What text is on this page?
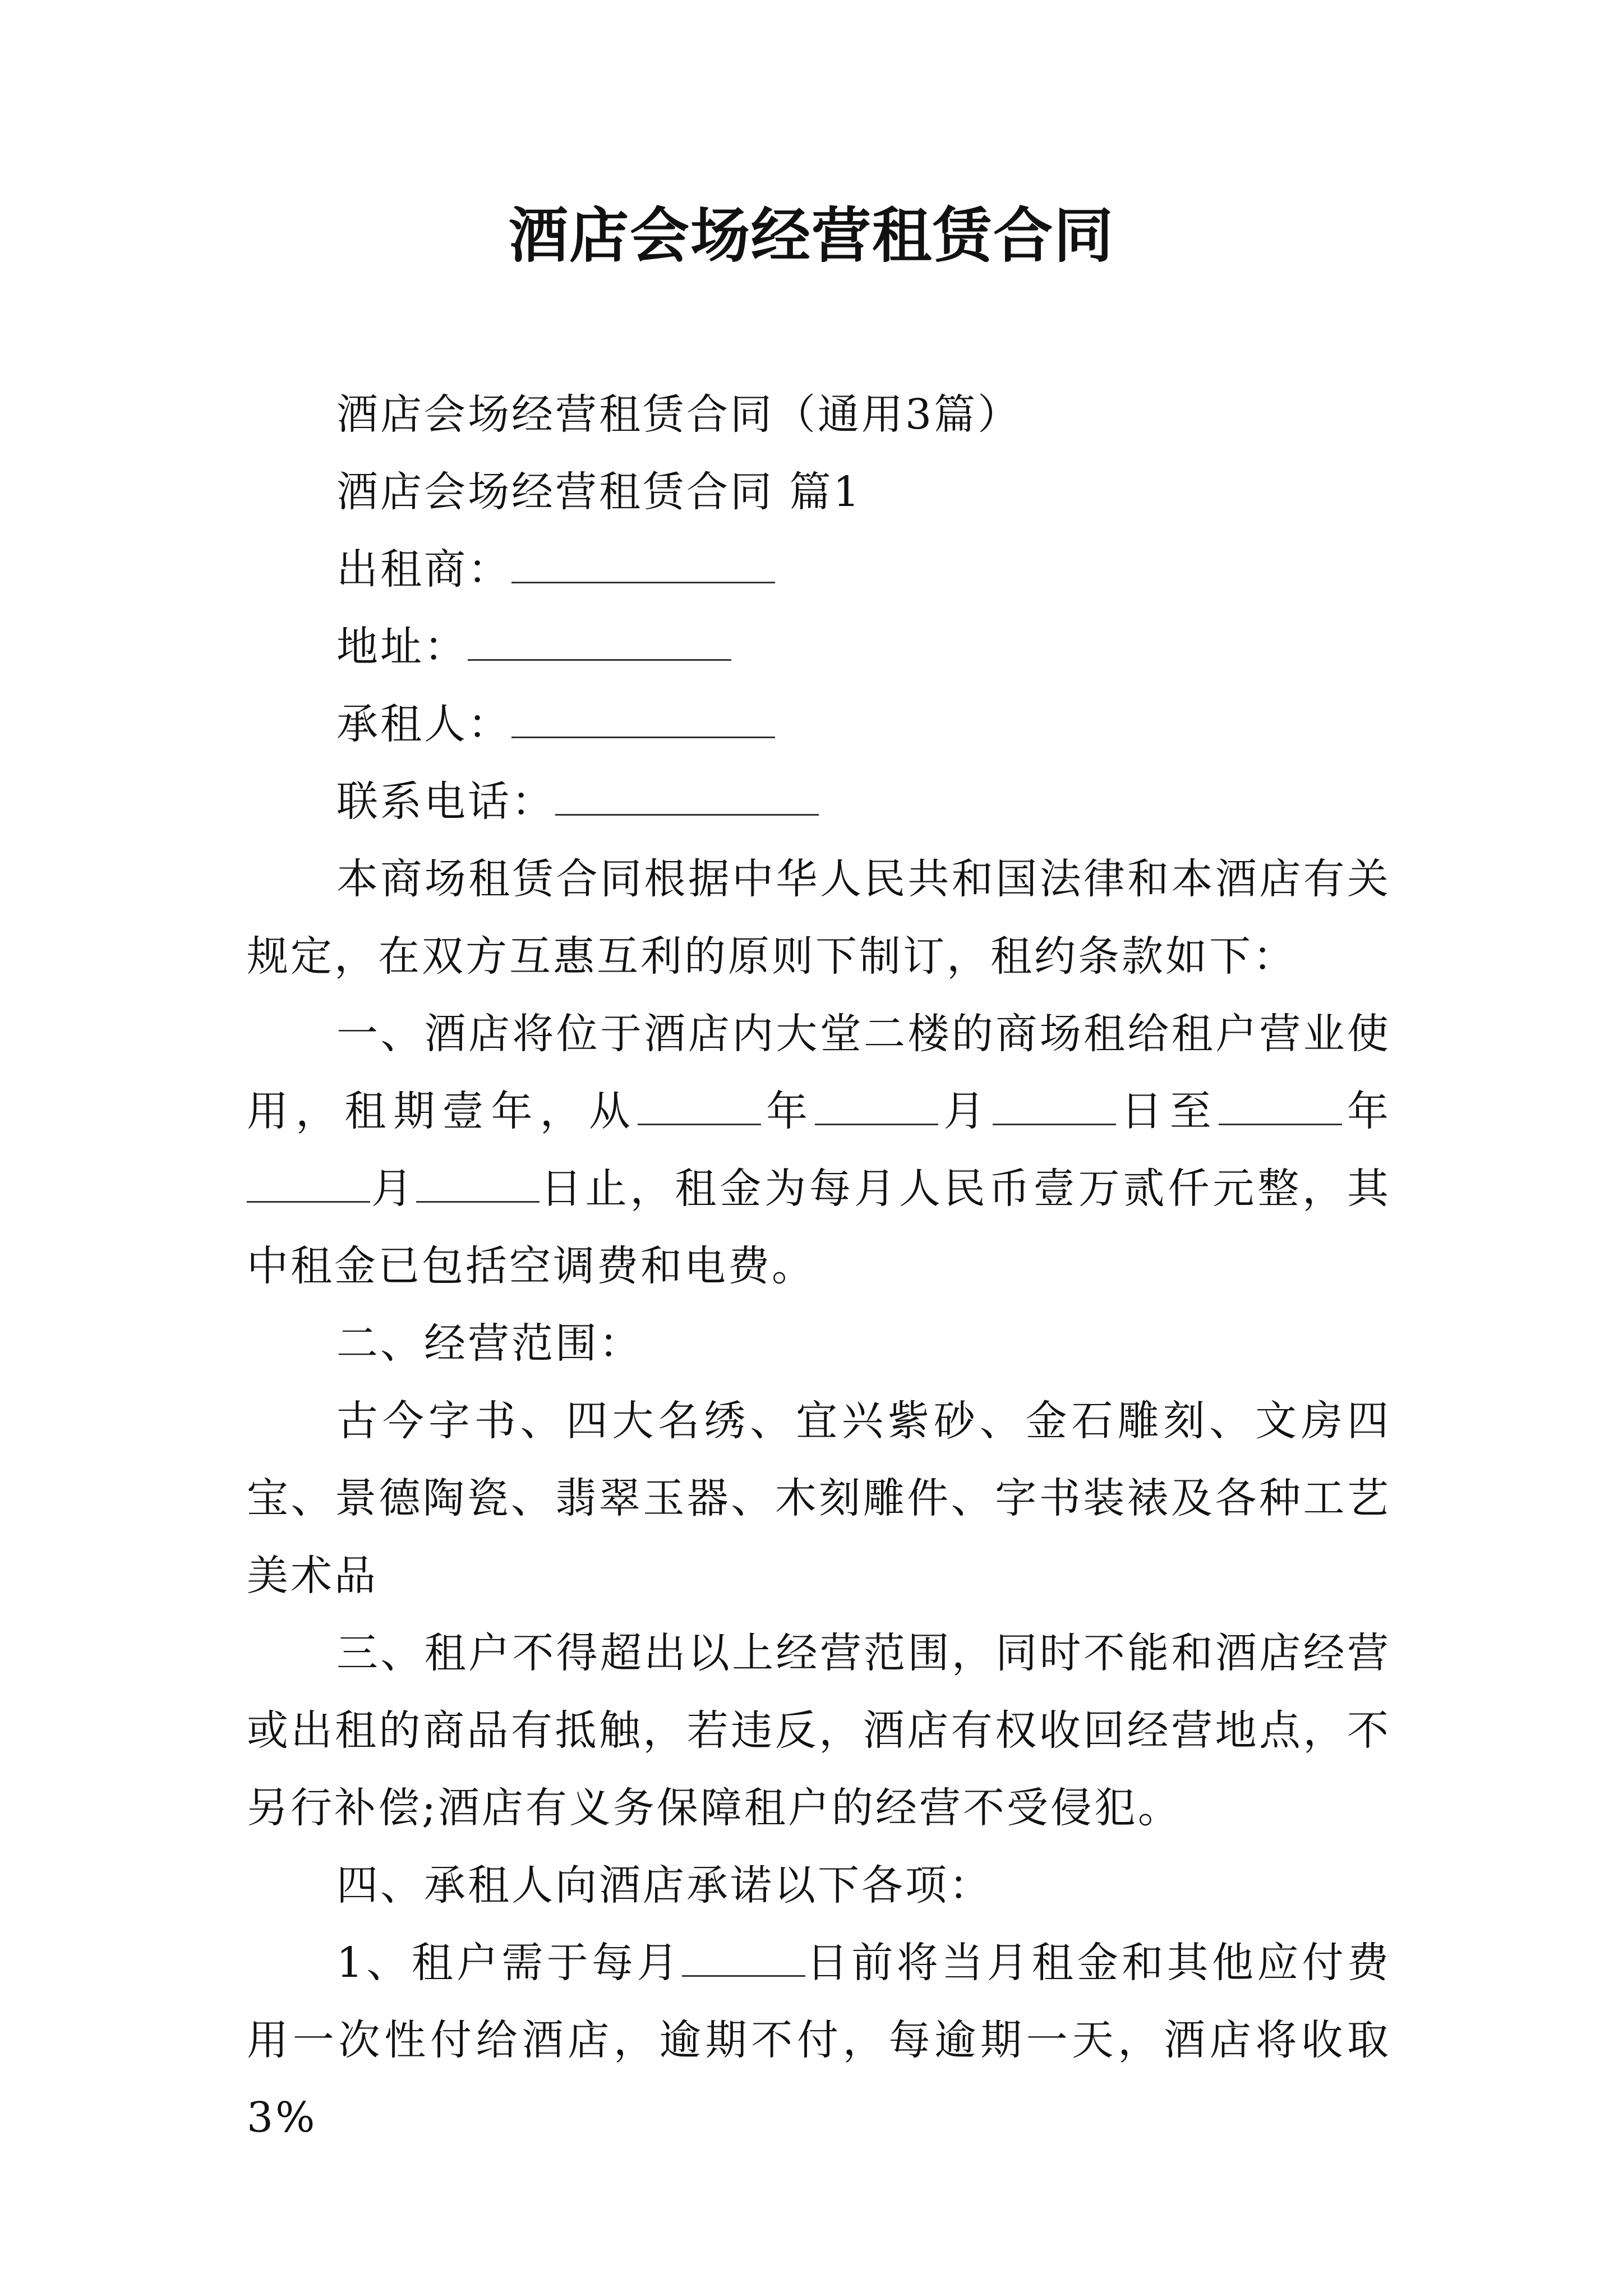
酒店会场经营租赁合同

酒店会场经营租赁合同（通用3篇）

酒店会场经营租赁合同 篇1

出租商：

地址：

承租人：

联系电话：

本商场租赁合同根据中华人民共和国法律和本酒店有关规定，在双方互惠互利的原则下制订，租约条款如下：

一、酒店将位于酒店内大堂二楼的商场租给租户营业使用，租期壹年，从	年	月	日至	年月	日止，租金为每月人民币壹万贰仟元整，其中租金已包括空调费和电费。

二、经营范围：

古今字书、四大名绣、宜兴紫砂、金石雕刻、文房四宝、景德陶瓷、翡翠玉器、木刻雕件、字书装裱及各种工艺美术品

三、租户不得超出以上经营范围，同时不能和酒店经营或出租的商品有抵触，若违反，酒店有权收回经营地点，不另行补偿;酒店有义务保障租户的经营不受侵犯。

四、承租人向酒店承诺以下各项：

1、租户需于每月	日前将当月租金和其他应付费用一次性付给酒店，逾期不付，每逾期一天，酒店将收取3%
